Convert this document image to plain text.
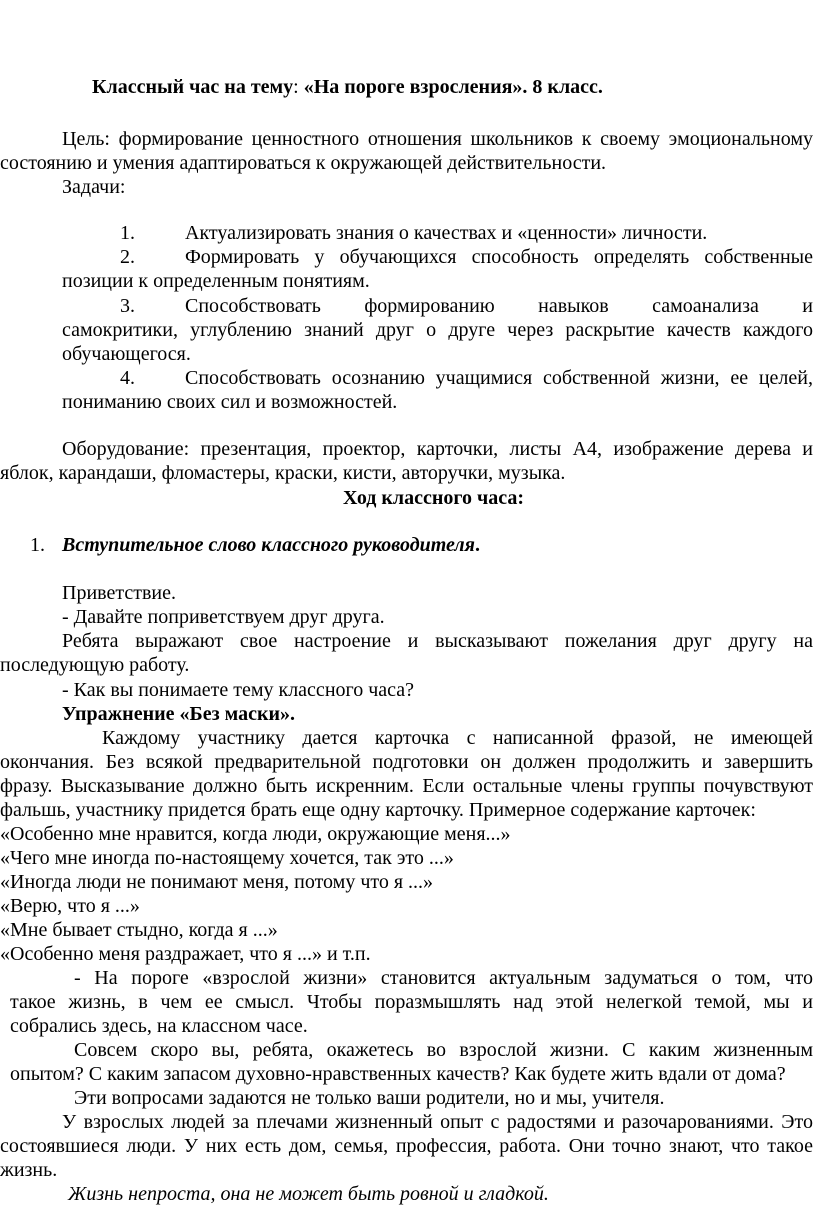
Классный час на тему: «На пороге взросления». 8 класс.
Цель: формирование ценностного отношения школьников к своему эмоциональному
состоянию и умения адаптироваться к окружающей действительности.
Задачи:
1.	Актуализировать знания о качествах и «ценности» личности.
2.	Формировать у обучающихся способность определять собственные
позиции к определенным понятиям.
3.	Способствовать формированию навыков самоанализа и
самокритики, углублению знаний друг о друге через раскрытие качеств каждого
обучающегося.
4.	Способствовать осознанию учащимися собственной жизни, ее целей,
пониманию своих сил и возможностей.
Оборудование: презентация, проектор, карточки, листы А4, изображение дерева и
яблок, карандаши, фломастеры, краски, кисти, авторучки, музыка.
Ход классного часа:
1. Вступительное слово классного руководителя.
Приветствие.
- Давайте поприветствуем друг друга.
Ребята выражают свое настроение и высказывают пожелания друг другу на
последующую работу.
- Как вы понимаете тему классного часа?
Упражнение «Без маски».
Каждому участнику дается карточка с написанной фразой, не имеющей
окончания. Без всякой предварительной подготовки он должен продолжить и завершить
фразу. Высказывание должно быть искренним. Если остальные члены группы почувствуют
фальшь, участнику придется брать еще одну карточку. Примерное содержание карточек:
«Особенно мне нравится, когда люди, окружающие меня...»
«Чего мне иногда по-настоящему хочется, так это ...»
«Иногда люди не понимают меня, потому что я ...»
«Верю, что я ...»
«Мне бывает стыдно, когда я ...»
«Особенно меня раздражает, что я ...» и т.п.
- На пороге «взрослой жизни» становится актуальным задуматься о том, что
такое жизнь, в чем ее смысл. Чтобы поразмышлять над этой нелегкой темой, мы и
собрались здесь, на классном часе.
Совсем скоро вы, ребята, окажетесь во взрослой жизни. С каким жизненным
опытом? С каким запасом духовно-нравственных качеств? Как будете жить вдали от дома?
Эти вопросами задаются не только ваши родители, но и мы, учителя.
У взрослых людей за плечами жизненный опыт с радостями и разочарованиями. Это
состоявшиеся люди. У них есть дом, семья, профессия, работа. Они точно знают, что такое
жизнь.
Жизнь непроста, она не может быть ровной и гладкой.
